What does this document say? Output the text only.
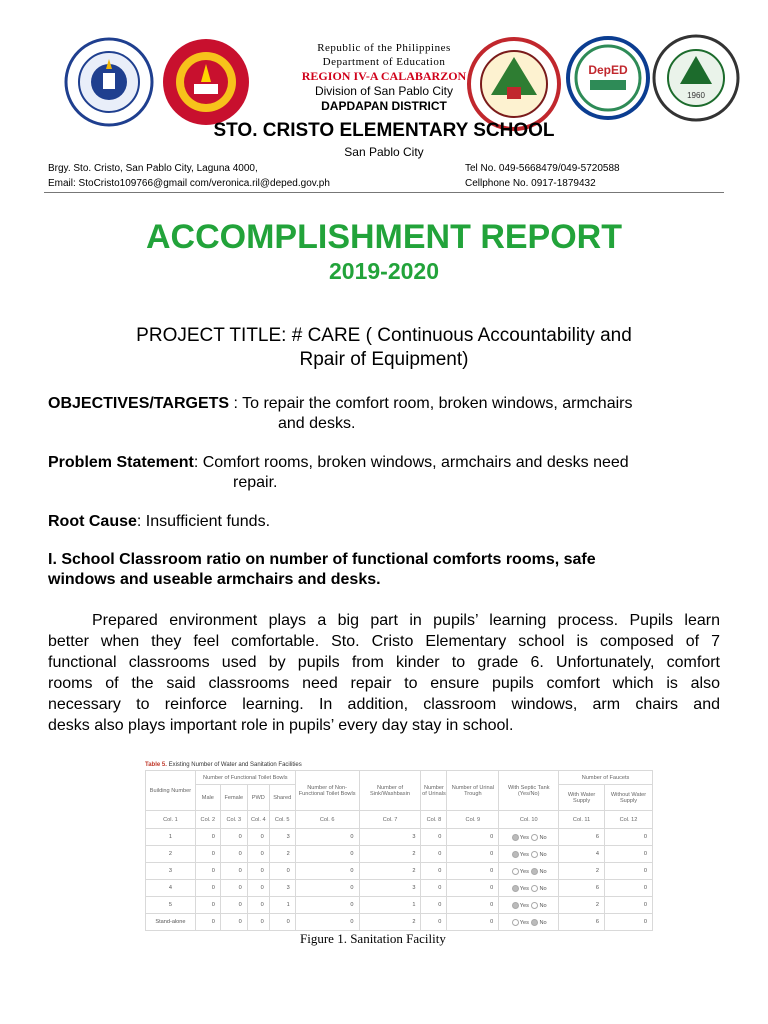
DepED
1960
Republic of the Philippines
Department of Education
REGION IV-A CALABARZON
Division of San Pablo City
DAPDAPAN DISTRICT
STO. CRISTO ELEMENTARY SCHOOL
San Pablo City
Brgy. Sto. Cristo, San Pablo City, Laguna 4000,
Email: StoCristo109766@gmail com/veronica.ril@deped.gov.ph
Tel No. 049-5668479/049-5720588
Cellphone No. 0917-1879432
ACCOMPLISHMENT REPORT
2019-2020
PROJECT TITLE: # CARE ( Continuous Accountability and
Rpair of Equipment)
OBJECTIVES/TARGETS : To repair the comfort room, broken windows, armchairs
and desks.
Problem Statement: Comfort rooms, broken windows, armchairs and desks need
repair.
Root Cause: Insufficient funds.
I. School Classroom ratio on number of functional comforts rooms, safe
windows and useable armchairs and desks.
Prepared environment plays a big part in pupils’ learning process. Pupils learn
better when they feel comfortable. Sto. Cristo Elementary school is composed of 7
functional classrooms used by pupils from kinder to grade 6. Unfortunately, comfort
rooms of the said classrooms need repair to ensure pupils comfort which is also
necessary to reinforce learning. In addition, classroom windows, arm chairs and
desks also plays important role in pupils’ every day stay in school.
Table 5. Existing Number of Water and Sanitation Facilities
Building Number	Number of Functional Toilet Bowls				Number of Non-Functional Toilet Bowls	Number of Sink/Washbasin	Number of Urinals	Number of Urinal Trough	With Septic Tank (Yes/No)	Number of Faucets	
	Male	Female	PWD	Shared						With Water Supply	Without Water Supply
Col. 1	Col. 2	Col. 3	Col. 4	Col. 5	Col. 6	Col. 7	Col. 8	Col. 9	Col. 10	Col. 11	Col. 12
1	0	0	0	3	0	3	0	0	Yes No	6	0
2	0	0	0	2	0	2	0	0	Yes No	4	0
3	0	0	0	0	0	2	0	0	Yes No	2	0
4	0	0	0	3	0	3	0	0	Yes No	6	0
5	0	0	0	1	0	1	0	0	Yes No	2	0
Stand-alone	0	0	0	0	0	2	0	0	Yes No	6	0
Figure 1. Sanitation Facility
